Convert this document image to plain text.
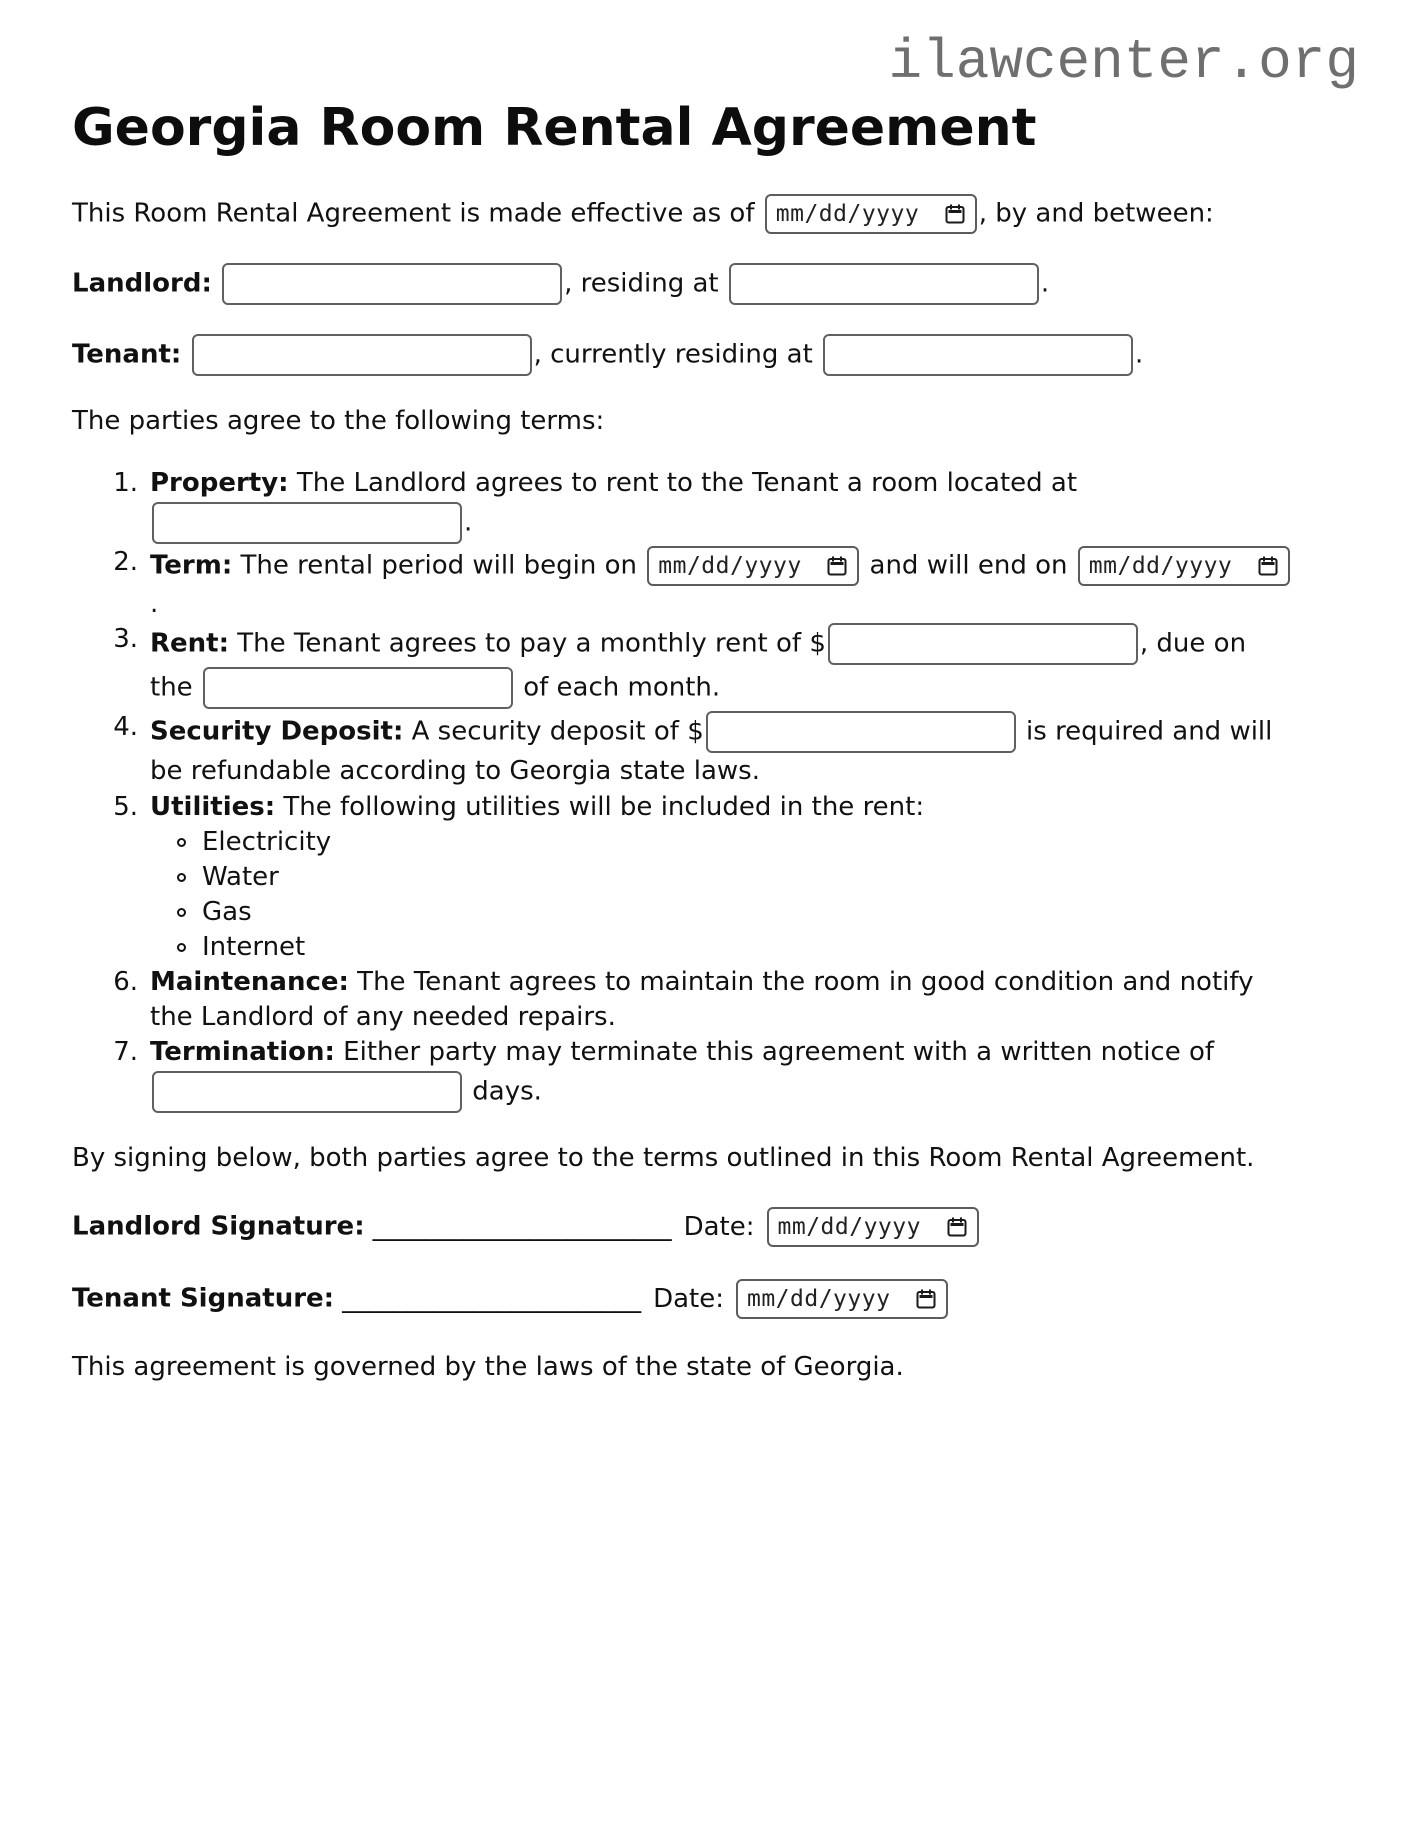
ilawcenter.org
Georgia Room Rental Agreement

This Room Rental Agreement is made effective as of mm/dd/yyyy , by and between:

Landlord:	, residing at	.

Tenant:	, currently residing at	.

The parties agree to the following terms:

1. Property: The Landlord agrees to rent to the Tenant a room located at
.
2. Term: The rental period will begin on mm/dd/yyyy and will end on mm/dd/yyyy
.
3. Rent: The Tenant agrees to pay a monthly rent of $	, due on
the	of each month.
4. Security Deposit: A security deposit of $	is required and will
be refundable according to Georgia state laws.
5. Utilities: The following utilities will be included in the rent:
Electricity
Water
Gas
Internet
6. Maintenance: The Tenant agrees to maintain the room in good condition and notify
the Landlord of any needed repairs.
7. Termination: Either party may terminate this agreement with a written notice of
days.

By signing below, both parties agree to the terms outlined in this Room Rental Agreement.

Landlord Signature: _______________________ Date: mm/dd/yyyy

Tenant Signature: _______________________ Date: mm/dd/yyyy

This agreement is governed by the laws of the state of Georgia.
